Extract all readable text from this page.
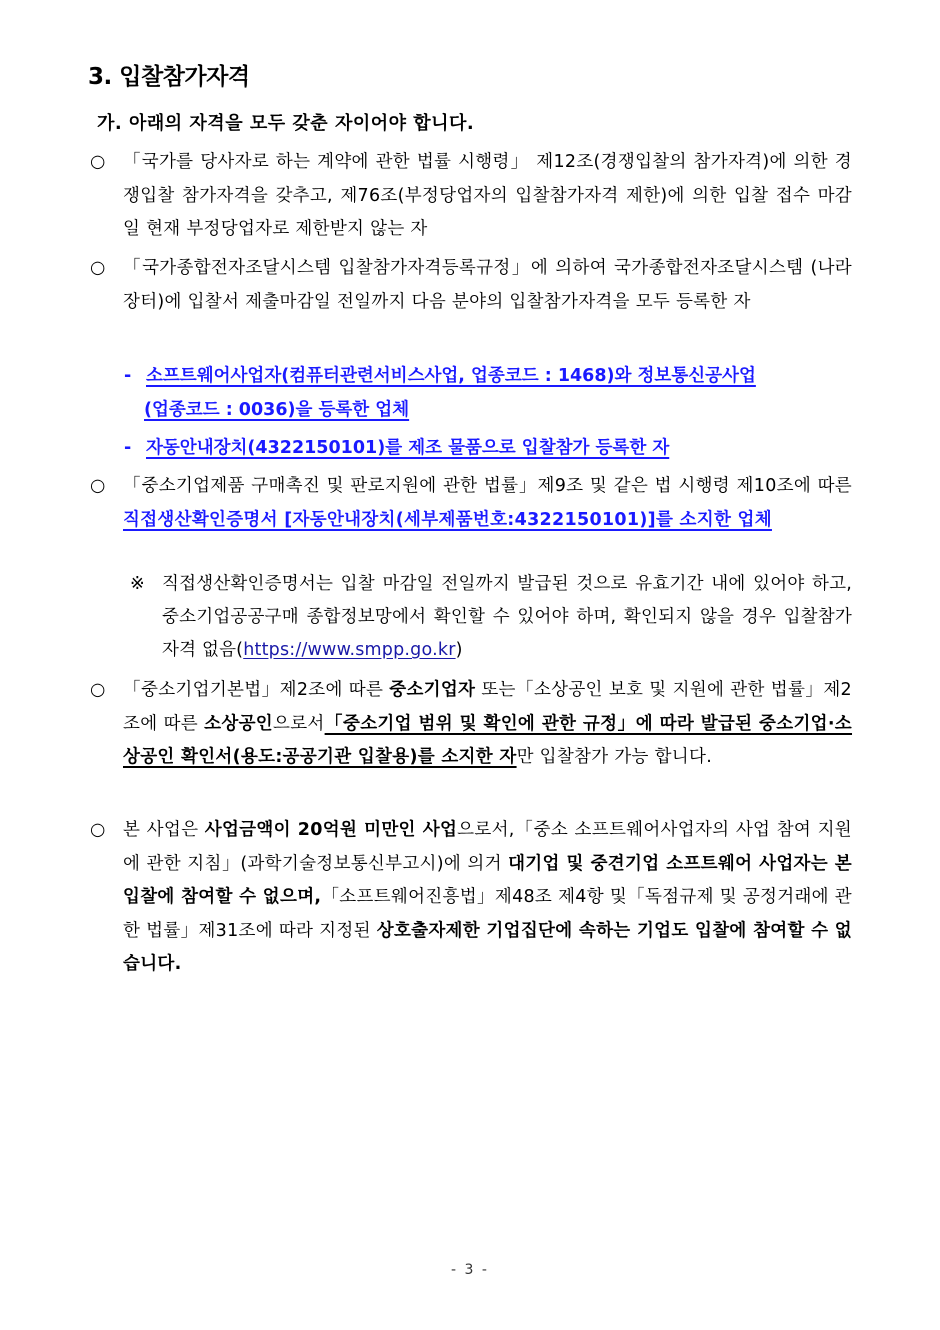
3. 입찰참가자격
가. 아래의 자격을 모두 갖춘 자이어야 합니다.
○ 「국가를 당사자로 하는 계약에 관한 법률 시행령」 제12조(경쟁입찰의 참가자격)에 의한 경쟁입찰 참가자격을 갖추고, 제76조(부정당업자의 입찰참가자격 제한)에 의한 입찰 접수 마감일 현재 부정당업자로 제한받지 않는 자
○ 「국가종합전자조달시스템 입찰참가자격등록규정」에 의하여 국가종합전자조달시스템 (나라장터)에 입찰서 제출마감일 전일까지 다음 분야의 입찰참가자격을 모두 등록한 자
- 소프트웨어사업자(컴퓨터관련서비스사업, 업종코드 : 1468)와 정보통신공사업
(업종코드 : 0036)을 등록한 업체
- 자동안내장치(4322150101)를 제조 물품으로 입찰참가 등록한 자
○ 「중소기업제품 구매촉진 및 판로지원에 관한 법률」제9조 및 같은 법 시행령 제10조에 따른 직접생산확인증명서 [자동안내장치(세부제품번호:4322150101)]를 소지한 업체
※ 직접생산확인증명서는 입찰 마감일 전일까지 발급된 것으로 유효기간 내에 있어야 하고, 중소기업공공구매 종합정보망에서 확인할 수 있어야 하며, 확인되지 않을 경우 입찰참가 자격 없음(https://www.smpp.go.kr)
○ 「중소기업기본법」제2조에 따른 중소기업자 또는「소상공인 보호 및 지원에 관한 법률」제2조에 따른 소상공인으로서「중소기업 범위 및 확인에 관한 규정」에 따라 발급된 중소기업·소상공인 확인서(용도:공공기관 입찰용)를 소지한 자만 입찰참가 가능 합니다.
○ 본 사업은 사업금액이 20억원 미만인 사업으로서,「중소 소프트웨어사업자의 사업 참여 지원에 관한 지침」(과학기술정보통신부고시)에 의거 대기업 및 중견기업 소프트웨어 사업자는 본 입찰에 참여할 수 없으며,「소프트웨어진흥법」제48조 제4항 및「독점규제 및 공정거래에 관한 법률」제31조에 따라 지정된 상호출자제한 기업집단에 속하는 기업도 입찰에 참여할 수 없습니다.
- 3 -
